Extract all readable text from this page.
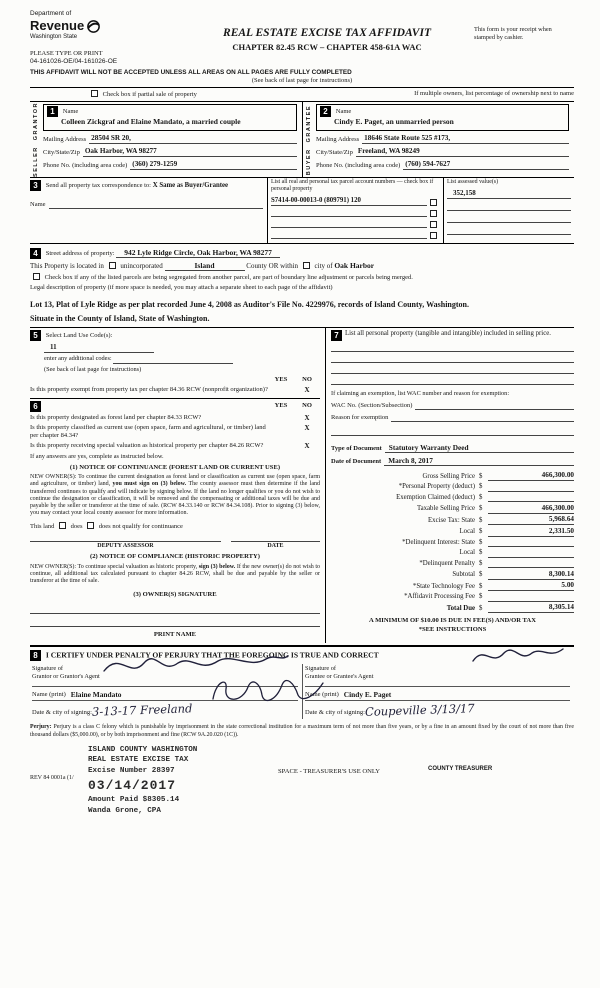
Department of
Revenue
Washington State
PLEASE TYPE OR PRINT
04-161026-OE/04-161026-OE
REAL ESTATE EXCISE TAX AFFIDAVIT
CHAPTER 82.45 RCW – CHAPTER 458-61A WAC
This form is your receipt when stamped by cashier.
THIS AFFIDAVIT WILL NOT BE ACCEPTED UNLESS ALL AREAS ON ALL PAGES ARE FULLY COMPLETED
(See back of last page for instructions)
Check box if partial sale of property	If multiple owners, list percentage of ownership next to name
SELLER  GRANTOR	1 Name
Colleen Zickgraf and Elaine Mandato, a married couple
Mailing Address 28504 SR 20,
City/State/Zip Oak Harbor, WA 98277
Phone No. (including area code) (360) 279-1259	BUYER  GRANTEE	2 Name
Cindy E. Paget, an unmarried person
Mailing Address 18646 State Route 525 #173,
City/State/Zip Freeland, WA 98249
Phone No. (including area code) (760) 594-7627
3 Send all property tax correspondence to: X Same as Buyer/Grantee
Name

List all real and personal tax parcel account numbers — check box if personal property
S7414-00-00013-0 (809791) 120
List assessed value(s)
352,158
4 Street address of property: 942 Lyle Ridge Circle, Oak Harbor, WA 98277
This Property is located in unincorporated	Island	County OR within city of Oak Harbor
Check box if any of the listed parcels are being segregated from another parcel, are part of boundary line adjustment or parcels being merged.
Legal description of property (if more space is needed, you may attach a separate sheet to each page of the affidavit)
Lot 13, Plat of Lyle Ridge as per plat recorded June 4, 2008 as Auditor's File No. 4229976, records of Island County, Washington.
Situate in the County of Island, State of Washington.
5 Select Land Use Code(s):
11
enter any additional codes:
(See back of last page for instructions)
YES	NO
Is this property exempt from property tax per chapter 84.36 RCW (nonprofit organization)?	X
6	YES	NO
Is this property designated as forest land per chapter 84.33 RCW?	X
Is this property classified as current use (open space, farm and agricultural, or timber) land per chapter 84.34?
X
Is this property receiving special valuation as historical property per chapter 84.26 RCW?	X
If any answers are yes, complete as instructed below.
(1) NOTICE OF CONTINUANCE (FOREST LAND OR CURRENT USE)
NEW OWNER(S): To continue the current designation as forest land or classification as current use (open space, farm and agriculture, or timber) land, you must sign on (3) below. The county assessor must then determine if the land transferred continues to qualify and will indicate by signing below. If the land no longer qualifies or you do not wish to continue the designation or classification, it will be removed and the compensating or additional taxes will be due and payable by the seller or transferor at the time of sale. (RCW 84.33.140 or RCW 84.34.108). Prior to signing (3) below, you may contact your local county assessor for more information.
This land	does	does not qualify for continuance
DEPUTY ASSESSOR	DATE
(2) NOTICE OF COMPLIANCE (HISTORIC PROPERTY)
NEW OWNER(S): To continue special valuation as historic property, sign (3) below. If the new owner(s) do not wish to continue, all additional tax calculated pursuant to chapter 84.26 RCW, shall be due and payable by the seller or transferor at the time of sale.
(3) OWNER(S) SIGNATURE
PRINT NAME
7 List all personal property (tangible and intangible) included in selling price.
If claiming an exemption, list WAC number and reason for exemption:
WAC No. (Section/Subsection)
Reason for exemption
Type of Document Statutory Warranty Deed
Date of Document March 8, 2017
Gross Selling Price $	466,300.00
*Personal Property (deduct) $
Exemption Claimed (deduct) $
Taxable Selling Price $	466,300.00
Excise Tax: State $	5,968.64
Local $	2,331.50
*Delinquent Interest: State $
Local $
*Delinquent Penalty $
Subtotal $	8,300.14
*State Technology Fee $	5.00
*Affidavit Processing Fee $
Total Due $	8,305.14
A MINIMUM OF $10.00 IS DUE IN FEE(S) AND/OR TAX
*SEE INSTRUCTIONS
8 I CERTIFY UNDER PENALTY OF PERJURY THAT THE FOREGOING IS TRUE AND CORRECT
Signature of
Grantor or Grantor's Agent
Name (print) Elaine Mandato
Date & city of signing: 3-13-17 Freeland
Signature of
Grantee or Grantee's Agent
Name (print) Cindy E. Paget
Date & city of signing: Coupeville 3/13/17
Perjury: Perjury is a class C felony which is punishable by imprisonment in the state correctional institution for a maximum term of not more than five years, or by a fine in an amount fixed by the court of not more than five thousand dollars ($5,000.00), or by both imprisonment and fine (RCW 9A.20.020 (1C)).
REV 84 0001a (1/
ISLAND COUNTY WASHINGTON
REAL ESTATE EXCISE TAX
Excise Number 28397
03/14/2017
Amount Paid $8305.14
Wanda Grone, CPA
SPACE - TREASURER'S USE ONLY	COUNTY TREASURER
